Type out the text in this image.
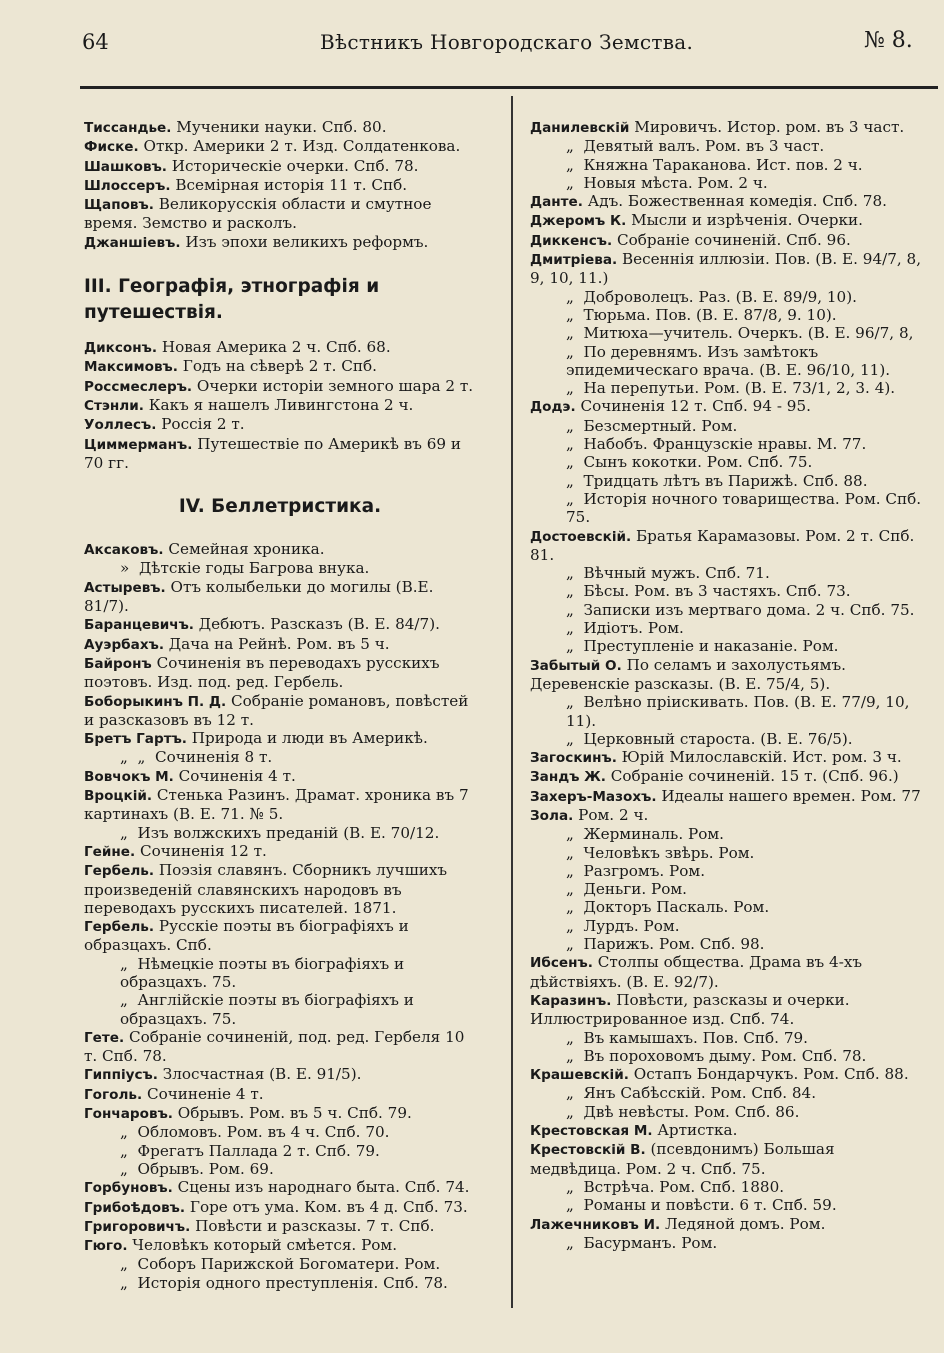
64	Вѣстникъ Новгородскаго Земства.	№ 8.

Тиссандье. Мученики науки. Спб. 80.

Фиске. Откр. Америки 2 т. Изд. Солдатенкова.

Шашковъ. Историческіе очерки. Спб. 78.

Шлоссеръ. Всемірная исторія 11 т. Спб.

Щаповъ. Великорусскія области и смутное время. Земство и расколъ.

Джаншіевъ. Изъ эпохи великихъ реформъ.

III. Географія, этнографія и путешествія.

Диксонъ. Новая Америка 2 ч. Спб. 68.

Максимовъ. Годъ на сѣверѣ 2 т. Спб.

Россмеслеръ. Очерки исторіи земного шара 2 т.

Стэнли. Какъ я нашелъ Ливингстона 2 ч.

Уоллесъ. Россія 2 т.

Циммерманъ. Путешествіе по Америкѣ въ 69 и 70 гг.

IV. Беллетристика.

Аксаковъ. Семейная хроника.

»  Дѣтскіе годы Багрова внука.

Астыревъ. Отъ колыбельки до могилы (В.Е. 81/7).

Баранцевичъ. Дебютъ. Разсказъ (В. Е. 84/7).

Ауэрбахъ. Дача на Рейнѣ. Ром. въ 5 ч.

Байронъ Сочиненія въ переводахъ русскихъ поэтовъ. Изд. под. ред. Гербель.

Боборыкинъ П. Д. Собраніе романовъ, повѣстей и разсказовъ въ 12 т.

Бретъ Гартъ. Природа и люди въ Америкѣ.

„  „  Сочиненія 8 т.

Вовчокъ М. Сочиненія 4 т.

Вроцкій. Стенька Разинъ. Драмат. хроника въ 7 картинахъ (В. Е. 71. № 5.

„  Изъ волжскихъ преданій (В. Е. 70/12.

Гейне. Сочиненія 12 т.

Гербель. Поэзія славянъ. Сборникъ лучшихъ произведеній славянскихъ народовъ въ переводахъ русскихъ писателей. 1871.

Гербель. Русскіе поэты въ біографіяхъ и образцахъ. Спб.

„  Нѣмецкіе поэты въ біографіяхъ и образцахъ. 75.

„  Англійскіе поэты въ біографіяхъ и образцахъ. 75.

Гете. Собраніе сочиненій, под. ред. Гербеля 10 т. Спб. 78.

Гиппіусъ. Злосчастная (В. Е. 91/5).

Гоголь. Сочиненіе 4 т.

Гончаровъ. Обрывъ. Ром. въ 5 ч. Спб. 79.

„  Обломовъ. Ром. въ 4 ч. Спб. 70.

„  Фрегатъ Паллада 2 т. Спб. 79.

„  Обрывъ. Ром. 69.

Горбуновъ. Сцены изъ народнаго быта. Спб. 74.

Грибоѣдовъ. Горе отъ ума. Ком. въ 4 д. Спб. 73.

Григоровичъ. Повѣсти и разсказы. 7 т. Спб.

Гюго. Человѣкъ который смѣется. Ром.

„  Соборъ Парижской Богоматери. Ром.

„  Исторія одного преступленія. Спб. 78.

Данилевскій Мировичъ. Истор. ром. въ 3 част.

„  Девятый валъ. Ром. въ 3 част.

„  Княжна Тараканова. Ист. пов. 2 ч.

„  Новыя мѣста. Ром. 2 ч.

Данте. Адъ. Божественная комедія. Спб. 78.

Джеромъ К. Мысли и изрѣченія. Очерки.

Диккенсъ. Собраніе сочиненій. Спб. 96.

Дмитріева. Весеннія иллюзіи. Пов. (В. Е. 94/7, 8, 9, 10, 11.)

„  Доброволецъ. Раз. (В. Е. 89/9, 10).

„  Тюрьма. Пов. (В. Е. 87/8, 9. 10).

„  Митюха—учитель. Очеркъ. (В. Е. 96/7, 8,

„  По деревнямъ. Изъ замѣтокъ эпидемическаго врача. (В. Е. 96/10, 11).

„  На перепутьи. Ром. (В. Е. 73/1, 2, 3. 4).

Додэ. Сочиненія 12 т. Спб. 94 - 95.

„  Безсмертный. Ром.

„  Набобъ. Французскіе нравы. М. 77.

„  Сынъ кокотки. Ром. Спб. 75.

„  Тридцать лѣтъ въ Парижѣ. Спб. 88.

„  Исторія ночного товарищества. Ром. Спб. 75.

Достоевскій. Братья Карамазовы. Ром. 2 т. Спб. 81.

„  Вѣчный мужъ. Спб. 71.

„  Бѣсы. Ром. въ 3 частяхъ. Спб. 73.

„  Записки изъ мертваго дома. 2 ч. Спб. 75.

„  Идіотъ. Ром.

„  Преступленіе и наказаніе. Ром.

Забытый О. По селамъ и захолустьямъ. Деревенскіе разсказы. (В. Е. 75/4, 5).

„  Велѣно пріискивать. Пов. (В. Е. 77/9, 10, 11).

„  Церковный староста. (В. Е. 76/5).

Загоскинъ. Юрій Милославскій. Ист. ром. 3 ч.

Зандъ Ж. Собраніе сочиненій. 15 т. (Спб. 96.)

Захеръ-Мазохъ. Идеалы нашего времен. Ром. 77

Зола. Ром. 2 ч.

„  Жерминаль. Ром.

„  Человѣкъ звѣрь. Ром.

„  Разгромъ. Ром.

„  Деньги. Ром.

„  Докторъ Паскаль. Ром.

„  Лурдъ. Ром.

„  Парижъ. Ром. Спб. 98.

Ибсенъ. Столпы общества. Драма въ 4-хъ дѣйствіяхъ. (В. Е. 92/7).

Каразинъ. Повѣсти, разсказы и очерки. Иллюстрированное изд. Спб. 74.

„  Въ камышахъ. Пов. Спб. 79.

„  Въ пороховомъ дыму. Ром. Спб. 78.

Крашевскій. Остапъ Бондарчукъ. Ром. Спб. 88.

„  Янъ Сабѣсскій. Ром. Спб. 84.

„  Двѣ невѣсты. Ром. Спб. 86.

Крестовская М. Артистка.

Крестовскій В. (псевдонимъ) Большая медвѣдица. Ром. 2 ч. Спб. 75.

„  Встрѣча. Ром. Спб. 1880.

„  Романы и повѣсти. 6 т. Спб. 59.

Лажечниковъ И. Ледяной домъ. Ром.

„  Басурманъ. Ром.
